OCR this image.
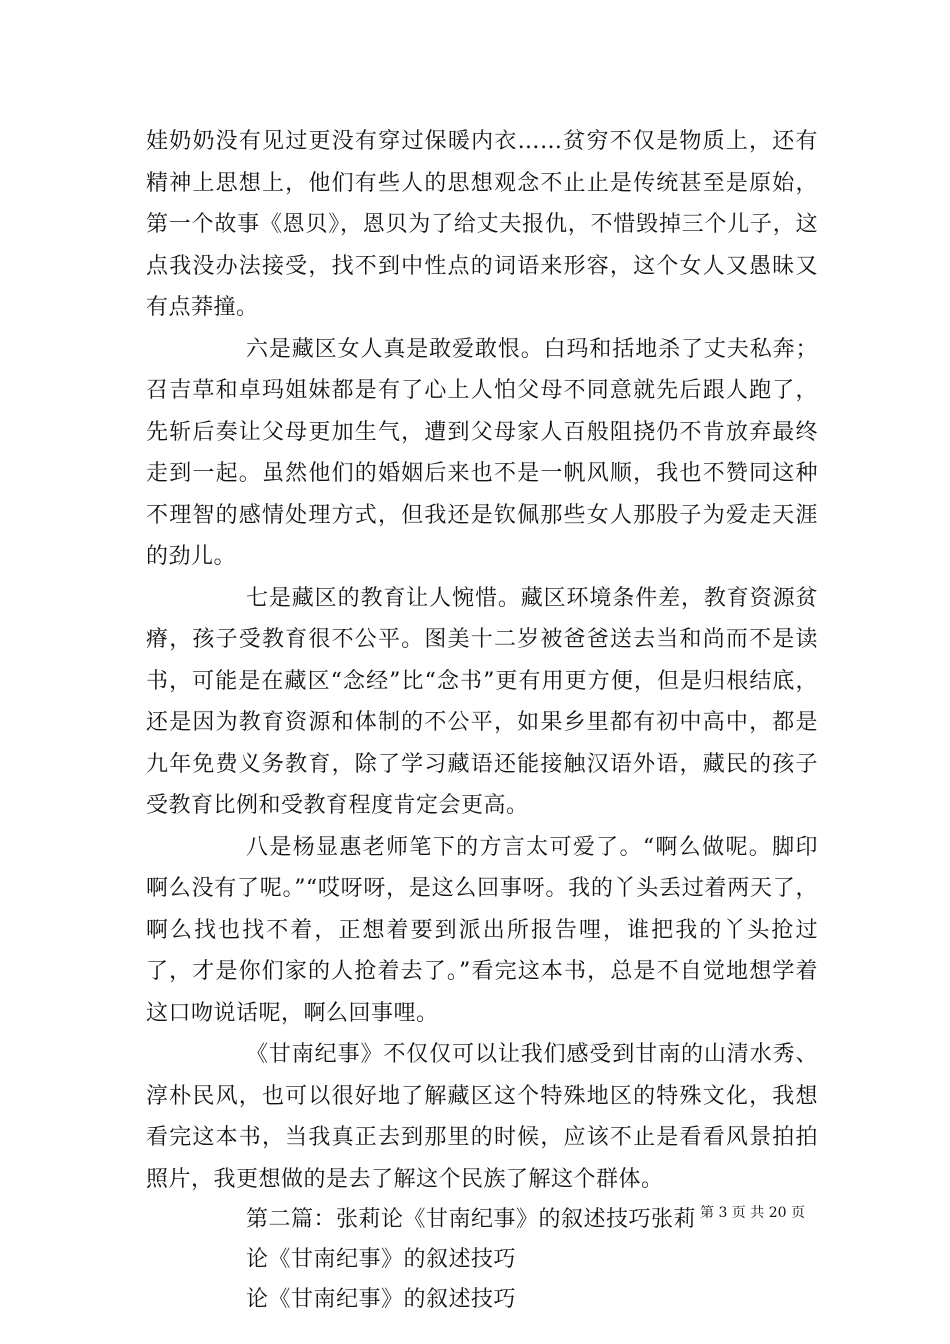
娃奶奶没有见过更没有穿过保暖内衣……贫穷不仅是物质上，还有精神上思想上，他们有些人的思想观念不止止是传统甚至是原始，第一个故事《恩贝》，恩贝为了给丈夫报仇，不惜毁掉三个儿子，这点我没办法接受，找不到中性点的词语来形容，这个女人又愚昧又有点莽撞。

六是藏区女人真是敢爱敢恨。白玛和括地杀了丈夫私奔；召吉草和卓玛姐妹都是有了心上人怕父母不同意就先后跟人跑了，先斩后奏让父母更加生气，遭到父母家人百般阻挠仍不肯放弃最终走到一起。虽然他们的婚姻后来也不是一帆风顺，我也不赞同这种不理智的感情处理方式，但我还是钦佩那些女人那股子为爱走天涯的劲儿。

七是藏区的教育让人惋惜。藏区环境条件差，教育资源贫瘠，孩子受教育很不公平。图美十二岁被爸爸送去当和尚而不是读书，可能是在藏区“念经”比“念书”更有用更方便，但是归根结底，还是因为教育资源和体制的不公平，如果乡里都有初中高中，都是九年免费义务教育，除了学习藏语还能接触汉语外语，藏民的孩子受教育比例和受教育程度肯定会更高。

八是杨显惠老师笔下的方言太可爱了。“啊么做呢。脚印啊么没有了呢。”“哎呀呀，是这么回事呀。我的丫头丢过着两天了，啊么找也找不着，正想着要到派出所报告哩，谁把我的丫头抢过了，才是你们家的人抢着去了。”看完这本书，总是不自觉地想学着这口吻说话呢，啊么回事哩。

《甘南纪事》不仅仅可以让我们感受到甘南的山清水秀、淳朴民风，也可以很好地了解藏区这个特殊地区的特殊文化，我想看完这本书，当我真正去到那里的时候，应该不止是看看风景拍拍照片，我更想做的是去了解这个民族了解这个群体。

第二篇：张莉论《甘南纪事》的叙述技巧张莉

论《甘南纪事》的叙述技巧

论《甘南纪事》的叙述技巧

第 3 页 共 20 页
